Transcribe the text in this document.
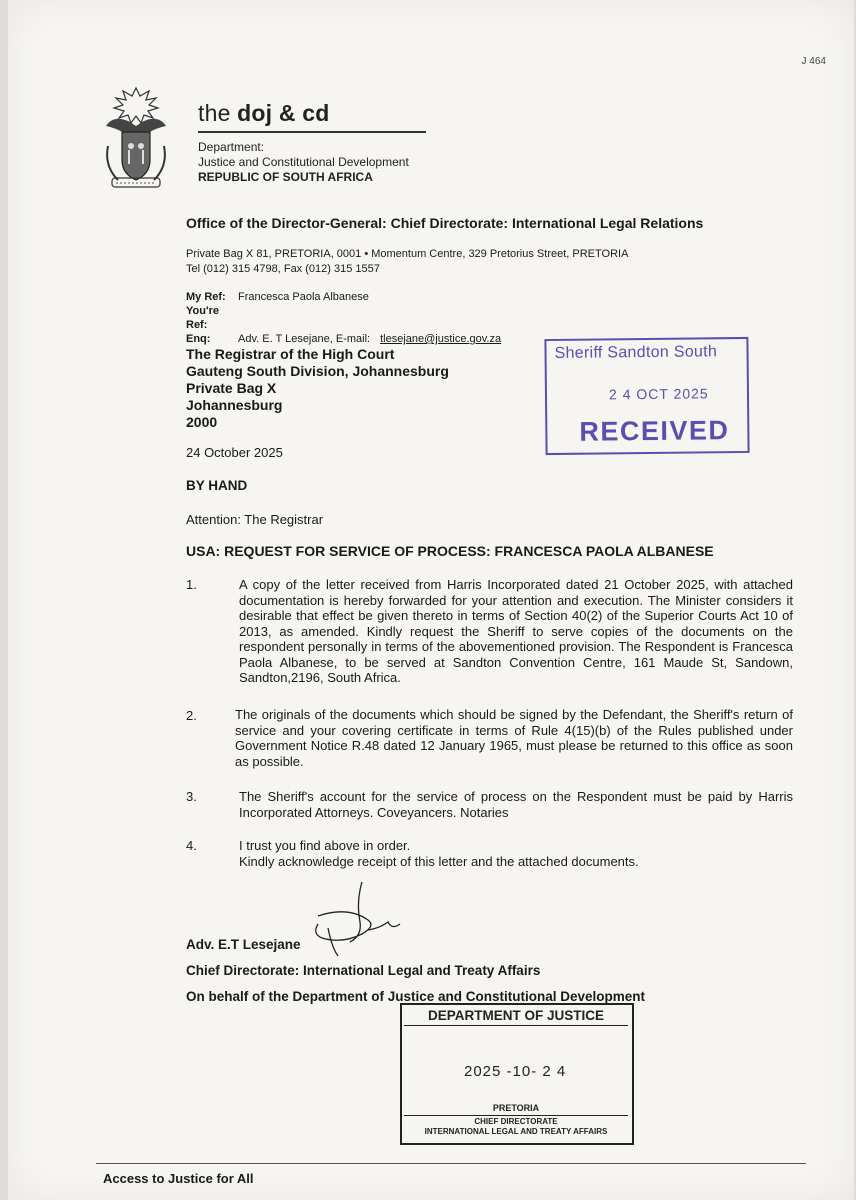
J 464
the doj & cd
Department:
Justice and Constitutional Development
REPUBLIC OF SOUTH AFRICA
Office of the Director-General: Chief Directorate: International Legal Relations
Private Bag X 81, PRETORIA, 0001 • Momentum Centre, 329 Pretorius Street, PRETORIA
Tel (012) 315 4798, Fax (012) 315 1557
My Ref: Francesca Paola Albanese
You're Ref:
Enq:	Adv. E. T Lesejane, E-mail: tlesejane@justice.gov.za
The Registrar of the High Court
Gauteng South Division, Johannesburg
Private Bag X
Johannesburg
2000
24 October 2025
BY HAND
Attention: The Registrar
USA: REQUEST FOR SERVICE OF PROCESS: FRANCESCA PAOLA ALBANESE
1.	A copy of the letter received from Harris Incorporated dated 21 October 2025, with attached documentation is hereby forwarded for your attention and execution. The Minister considers it desirable that effect be given thereto in terms of Section 40(2) of the Superior Courts Act 10 of 2013, as amended. Kindly request the Sheriff to serve copies of the documents on the respondent personally in terms of the abovementioned provision. The Respondent is Francesca Paola Albanese, to be served at Sandton Convention Centre, 161 Maude St, Sandown, Sandton,2196, South Africa.
2.	The originals of the documents which should be signed by the Defendant, the Sheriff's return of service and your covering certificate in terms of Rule 4(15)(b) of the Rules published under Government Notice R.48 dated 12 January 1965, must please be returned to this office as soon as possible.
3.	The Sheriff's account for the service of process on the Respondent must be paid by Harris Incorporated Attorneys. Coveyancers. Notaries
4.	I trust you find above in order.
Kindly acknowledge receipt of this letter and the attached documents.
Adv. E.T Lesejane
Chief Directorate: International Legal and Treaty Affairs
On behalf of the Department of Justice and Constitutional Development
Sheriff Sandton South
2 4 OCT 2025
RECEIVED
DEPARTMENT OF JUSTICE
2025 -10- 2 4
PRETORIA
CHIEF DIRECTORATE
INTERNATIONAL LEGAL AND TREATY AFFAIRS
Access to Justice for All
